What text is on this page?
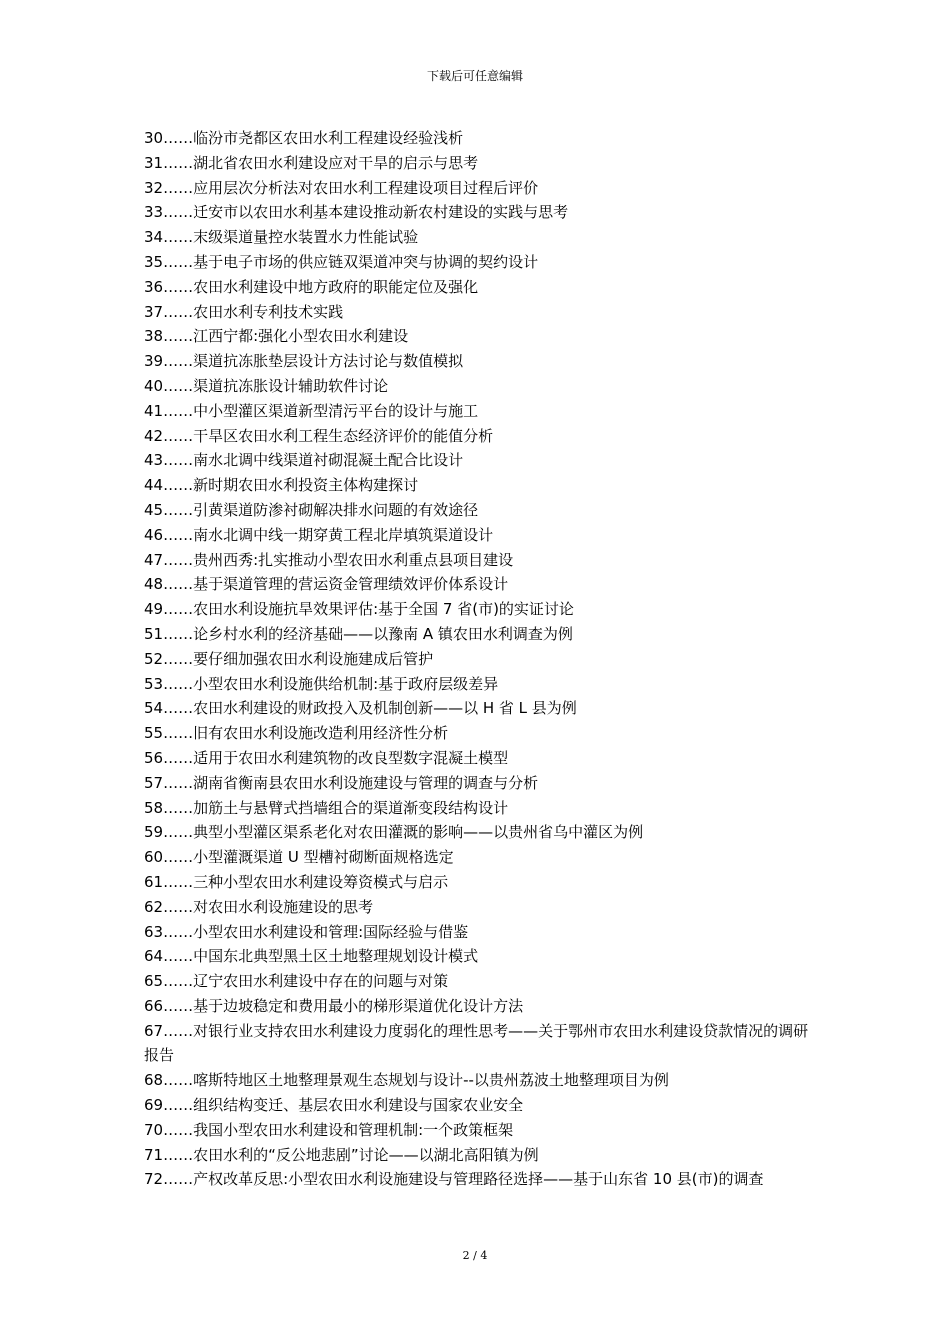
下载后可任意编辑
30……临汾市尧都区农田水利工程建设经验浅析
31……湖北省农田水利建设应对干旱的启示与思考
32……应用层次分析法对农田水利工程建设项目过程后评价
33……迁安市以农田水利基本建设推动新农村建设的实践与思考
34……末级渠道量控水装置水力性能试验
35……基于电子市场的供应链双渠道冲突与协调的契约设计
36……农田水利建设中地方政府的职能定位及强化
37……农田水利专利技术实践
38……江西宁都:强化小型农田水利建设
39……渠道抗冻胀垫层设计方法讨论与数值模拟
40……渠道抗冻胀设计辅助软件讨论
41……中小型灌区渠道新型清污平台的设计与施工
42……干旱区农田水利工程生态经济评价的能值分析
43……南水北调中线渠道衬砌混凝土配合比设计
44……新时期农田水利投资主体构建探讨
45……引黄渠道防渗衬砌解决排水问题的有效途径
46……南水北调中线一期穿黄工程北岸填筑渠道设计
47……贵州西秀:扎实推动小型农田水利重点县项目建设
48……基于渠道管理的营运资金管理绩效评价体系设计
49……农田水利设施抗旱效果评估:基于全国 7 省(市)的实证讨论
51……论乡村水利的经济基础——以豫南 A 镇农田水利调查为例
52……要仔细加强农田水利设施建成后管护
53……小型农田水利设施供给机制:基于政府层级差异
54……农田水利建设的财政投入及机制创新——以 H 省 L 县为例
55……旧有农田水利设施改造利用经济性分析
56……适用于农田水利建筑物的改良型数字混凝土模型
57……湖南省衡南县农田水利设施建设与管理的调查与分析
58……加筋土与悬臂式挡墙组合的渠道渐变段结构设计
59……典型小型灌区渠系老化对农田灌溉的影响——以贵州省乌中灌区为例
60……小型灌溉渠道 U 型槽衬砌断面规格选定
61……三种小型农田水利建设筹资模式与启示
62……对农田水利设施建设的思考
63……小型农田水利建设和管理:国际经验与借鉴
64……中国东北典型黑土区土地整理规划设计模式
65……辽宁农田水利建设中存在的问题与对策
66……基于边坡稳定和费用最小的梯形渠道优化设计方法
67……对银行业支持农田水利建设力度弱化的理性思考——关于鄂州市农田水利建设贷款情况的调研报告
68……喀斯特地区土地整理景观生态规划与设计--以贵州荔波土地整理项目为例
69……组织结构变迁、基层农田水利建设与国家农业安全
70……我国小型农田水利建设和管理机制:一个政策框架
71……农田水利的“反公地悲剧”讨论——以湖北高阳镇为例
72……产权改革反思:小型农田水利设施建设与管理路径选择——基于山东省 10 县(市)的调查
2 / 4
